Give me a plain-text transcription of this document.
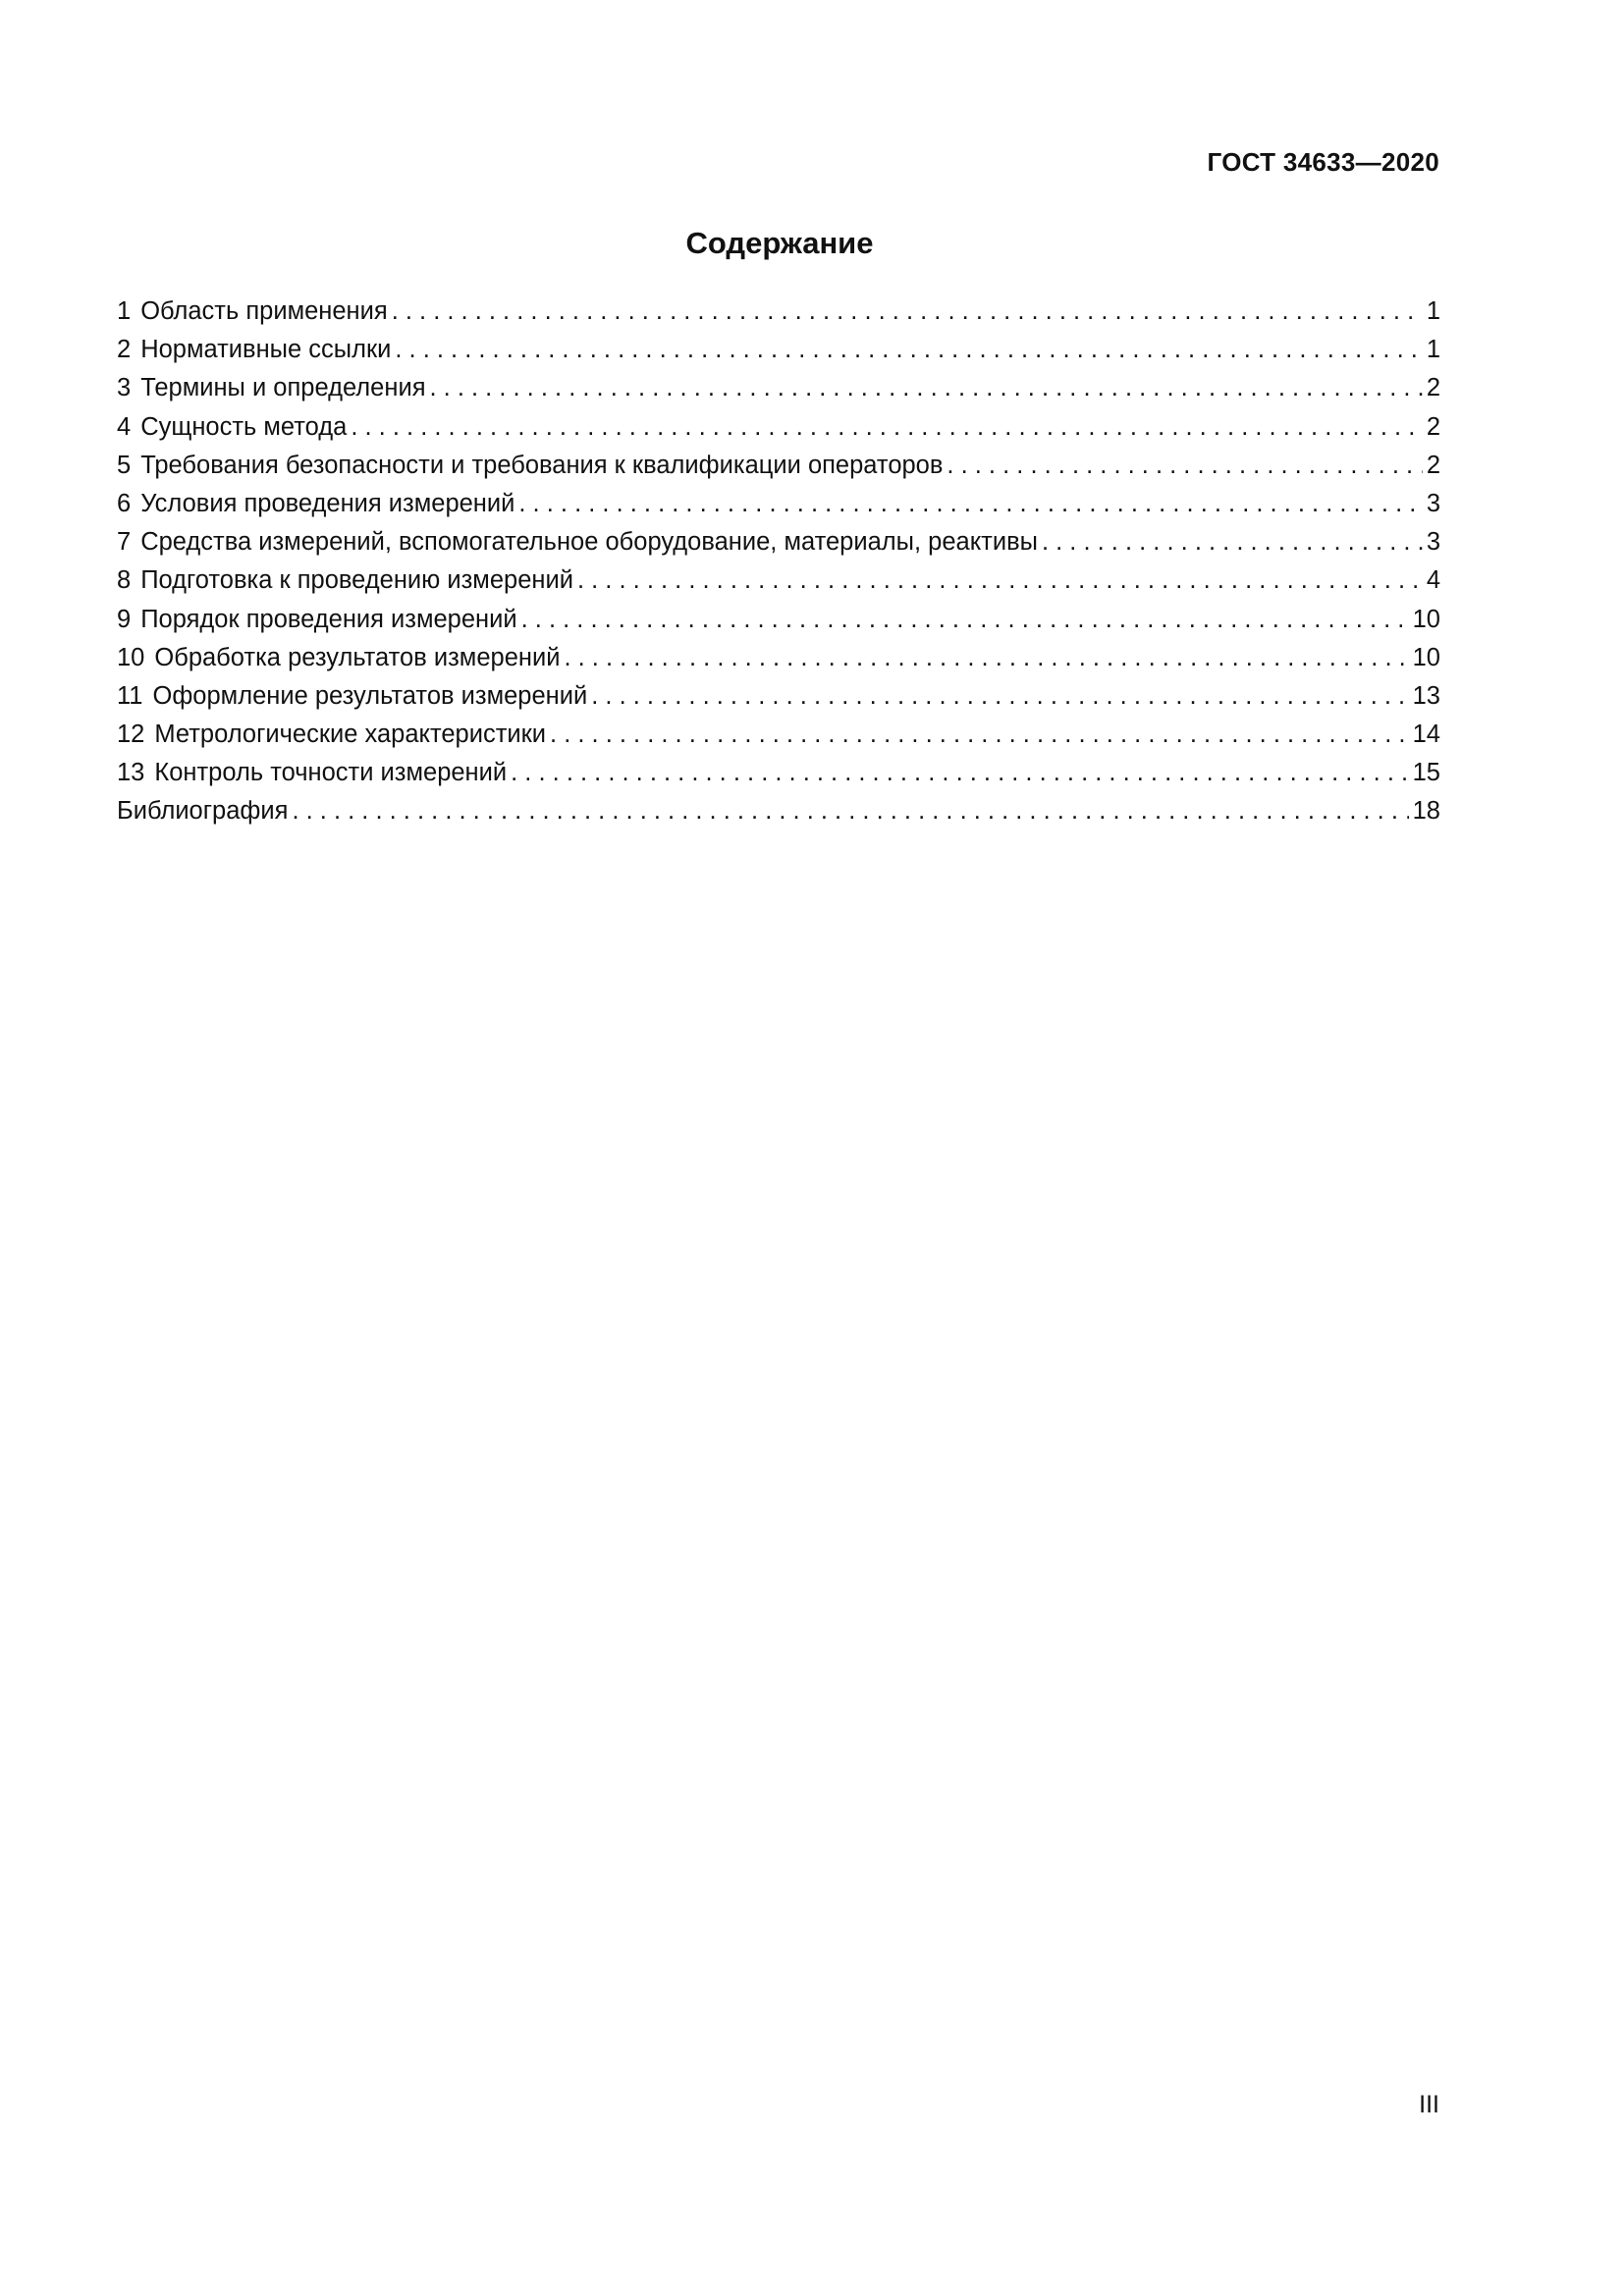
ГОСТ 34633—2020
Содержание
1 Область применения . . .	1
2 Нормативные ссылки . . .	1
3 Термины и определения . . .	2
4 Сущность метода . . .	2
5 Требования безопасности и требования к квалификации операторов . . .	2
6 Условия проведения измерений . . .	3
7 Средства измерений, вспомогательное оборудование, материалы, реактивы . . .	3
8 Подготовка к проведению измерений . . .	4
9 Порядок проведения измерений . . .	10
10 Обработка результатов измерений . . .	10
11 Оформление результатов измерений . . .	13
12 Метрологические характеристики . . .	14
13 Контроль точности измерений . . .	15
Библиография . . .	18
III
